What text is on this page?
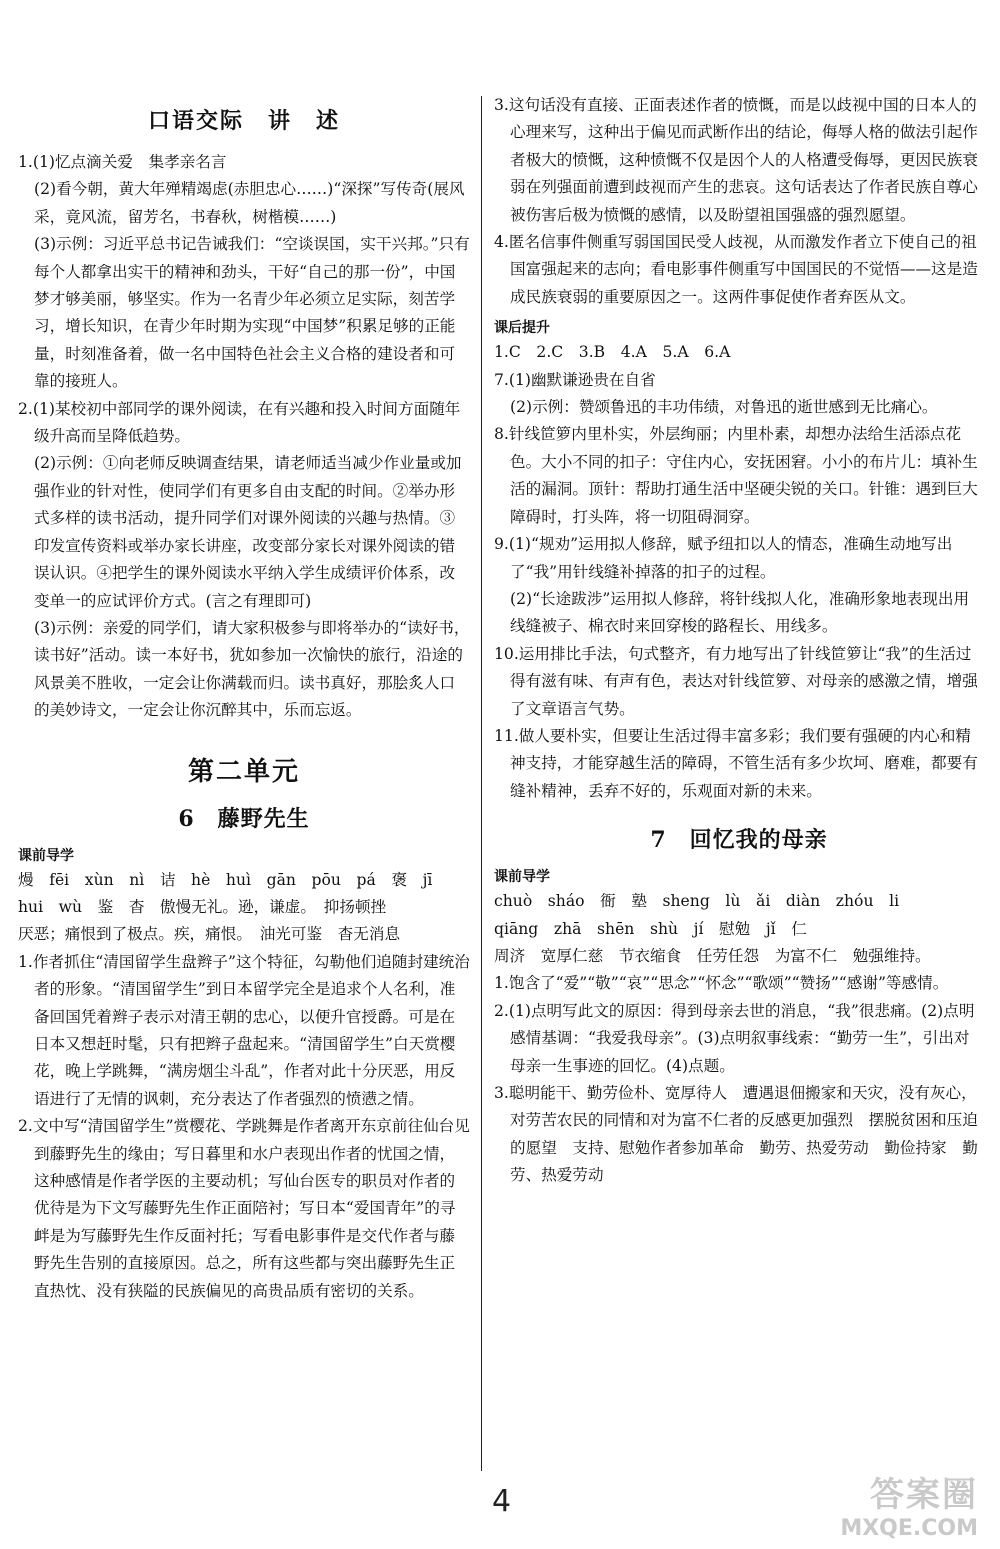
口语交际　讲　述

1.(1)忆点滴关爱　集孝亲名言

(2)看今朝，黄大年殚精竭虑(赤胆忠心……)“深探”写传奇(展风采，竟风流，留芳名，书春秋，树楷模……)

(3)示例：习近平总书记告诫我们：“空谈误国，实干兴邦。”只有每个人都拿出实干的精神和劲头，干好“自己的那一份”，中国梦才够美丽，够坚实。作为一名青少年必须立足实际，刻苦学习，增长知识，在青少年时期为实现“中国梦”积累足够的正能量，时刻准备着，做一名中国特色社会主义合格的建设者和可靠的接班人。

2.(1)某校初中部同学的课外阅读，在有兴趣和投入时间方面随年级升高而呈降低趋势。

(2)示例：①向老师反映调查结果，请老师适当减少作业量或加强作业的针对性，使同学们有更多自由支配的时间。②举办形式多样的读书活动，提升同学们对课外阅读的兴趣与热情。③印发宣传资料或举办家长讲座，改变部分家长对课外阅读的错误认识。④把学生的课外阅读水平纳入学生成绩评价体系，改变单一的应试评价方式。(言之有理即可)

(3)示例：亲爱的同学们，请大家积极参与即将举办的“读好书，读书好”活动。读一本好书，犹如参加一次愉快的旅行，沿途的风景美不胜收，一定会让你满载而归。读书真好，那脍炙人口的美妙诗文，一定会让你沉醉其中，乐而忘返。

第二单元
6　藤野先生
课前导学

熳　fēi　xùn　nì　诘　hè　huì　gān　pōu　pá　褒　jī

hui　wù　鉴　杳　傲慢无礼。逊，谦虚。　抑扬顿挫

厌恶；痛恨到了极点。疾，痛恨。　油光可鉴　杳无消息

1.作者抓住“清国留学生盘辫子”这个特征，勾勒他们追随封建统治者的形象。“清国留学生”到日本留学完全是追求个人名利，准备回国凭着辫子表示对清王朝的忠心，以便升官授爵。可是在日本又想赶时髦，只有把辫子盘起来。“清国留学生”白天赏樱花，晚上学跳舞，“满房烟尘斗乱”，作者对此十分厌恶，用反语进行了无情的讽刺，充分表达了作者强烈的愤懑之情。

2.文中写“清国留学生”赏樱花、学跳舞是作者离开东京前往仙台见到藤野先生的缘由；写日暮里和水户表现出作者的忧国之情，这种感情是作者学医的主要动机；写仙台医专的职员对作者的优待是为下文写藤野先生作正面陪衬；写日本“爱国青年”的寻衅是为写藤野先生作反面衬托；写看电影事件是交代作者与藤野先生告别的直接原因。总之，所有这些都与突出藤野先生正直热忱、没有狭隘的民族偏见的高贵品质有密切的关系。

3.这句话没有直接、正面表述作者的愤慨，而是以歧视中国的日本人的心理来写，这种出于偏见而武断作出的结论，侮辱人格的做法引起作者极大的愤慨，这种愤慨不仅是因个人的人格遭受侮辱，更因民族衰弱在列强面前遭到歧视而产生的悲哀。这句话表达了作者民族自尊心被伤害后极为愤慨的感情，以及盼望祖国强盛的强烈愿望。

4.匿名信事件侧重写弱国国民受人歧视，从而激发作者立下使自己的祖国富强起来的志向；看电影事件侧重写中国国民的不觉悟——这是造成民族衰弱的重要原因之一。这两件事促使作者弃医从文。

课后提升

1.C　2.C　3.B　4.A　5.A　6.A

7.(1)幽默谦逊贵在自省

(2)示例：赞颂鲁迅的丰功伟绩，对鲁迅的逝世感到无比痛心。

8.针线笸箩内里朴实，外层绚丽；内里朴素，却想办法给生活添点花色。大小不同的扣子：守住内心，安抚困窘。小小的布片儿：填补生活的漏洞。顶针：帮助打通生活中坚硬尖锐的关口。针锥：遇到巨大障碍时，打头阵，将一切阻碍洞穿。

9.(1)“规劝”运用拟人修辞，赋予纽扣以人的情态，准确生动地写出了“我”用针线缝补掉落的扣子的过程。

(2)“长途跋涉”运用拟人修辞，将针线拟人化，准确形象地表现出用线缝被子、棉衣时来回穿梭的路程长、用线多。

10.运用排比手法，句式整齐，有力地写出了针线笸箩让“我”的生活过得有滋有味、有声有色，表达对针线笸箩、对母亲的感激之情，增强了文章语言气势。

11.做人要朴实，但要让生活过得丰富多彩；我们要有强硬的内心和精神支持，才能穿越生活的障碍，不管生活有多少坎坷、磨难，都要有缝补精神，丢弃不好的，乐观面对新的未来。

7　回忆我的母亲
课前导学

chuò　sháo　衙　塾　sheng　lù　ǎi　diàn　zhóu　li

qiāng　zhā　shēn　shù　jí　慰勉　jǐ　仁

周济　宽厚仁慈　节衣缩食　任劳任怨　为富不仁　勉强维持。

1.饱含了“爱”“敬”“哀”“思念”“怀念”“歌颂”“赞扬”“感谢”等感情。

2.(1)点明写此文的原因：得到母亲去世的消息，“我”很悲痛。(2)点明感情基调：“我爱我母亲”。(3)点明叙事线索：“勤劳一生”，引出对母亲一生事迹的回忆。(4)点题。

3.聪明能干、勤劳俭朴、宽厚待人　遭遇退佃搬家和天灾，没有灰心，对劳苦农民的同情和对为富不仁者的反感更加强烈　摆脱贫困和压迫的愿望　支持、慰勉作者参加革命　勤劳、热爱劳动　勤俭持家　勤劳、热爱劳动

4	答案圈
MXQE.COM
